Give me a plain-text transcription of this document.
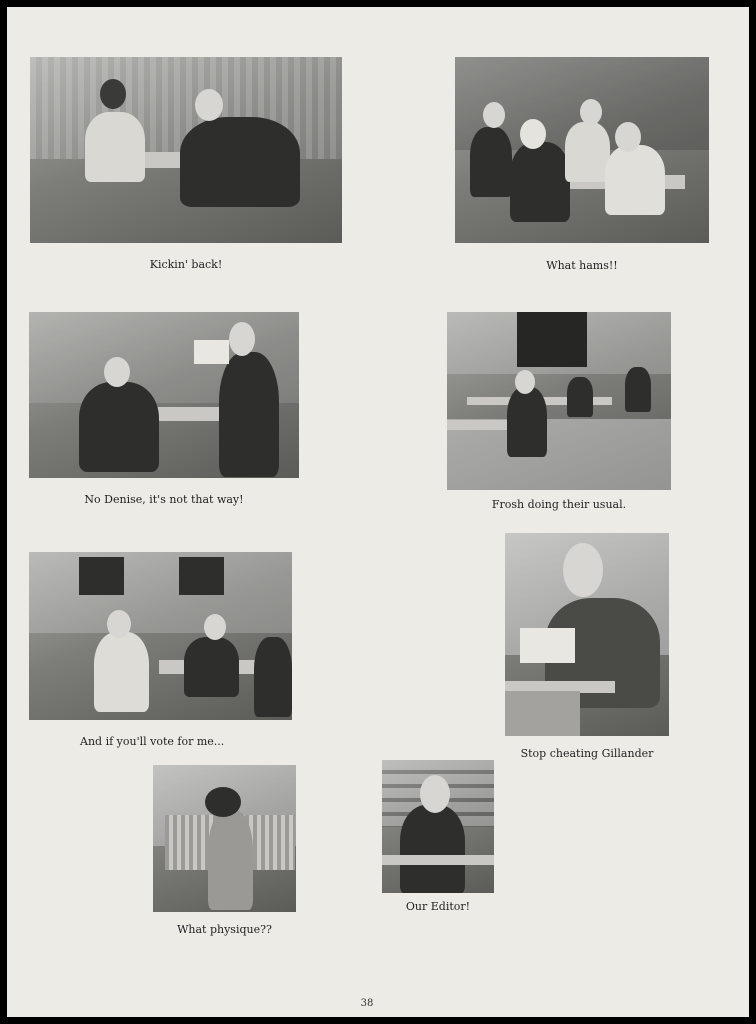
Kickin' back!	What hams!!
No Denise, it's not that way!	Frosh doing their usual.
And if you'll vote for me...
Stop cheating Gillander
What physique??
Our Editor!
38
